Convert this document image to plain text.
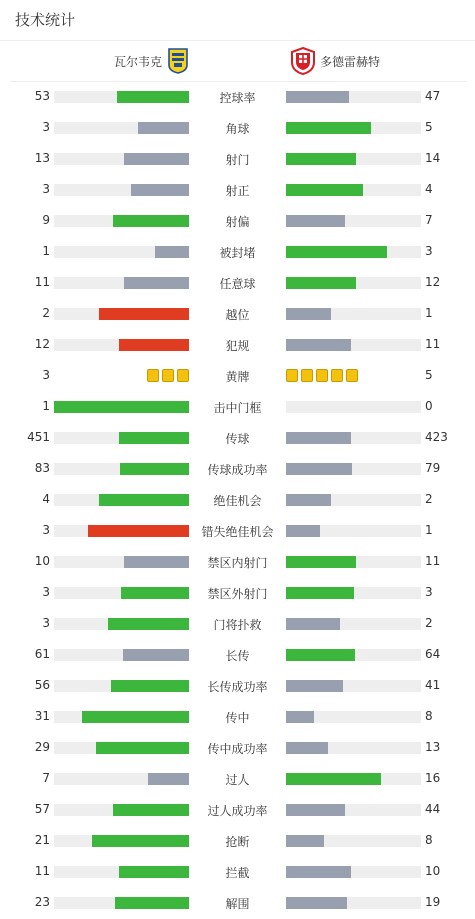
技术统计
瓦尔韦克	多德雷赫特
53	控球率	47
3	角球	5
13	射门	14
3	射正	4
9	射偏	7
1	被封堵	3
11	任意球	12
2	越位	1
12	犯规	11
3	黄牌	5
1	击中门框	0
451	传球	423
83	传球成功率	79
4	绝佳机会	2
3	错失绝佳机会	1
10	禁区内射门	11
3	禁区外射门	3
3	门将扑救	2
61	长传	64
56	长传成功率	41
31	传中	8
29	传中成功率	13
7	过人	16
57	过人成功率	44
21	抢断	8
11	拦截	10
23	解围	19
